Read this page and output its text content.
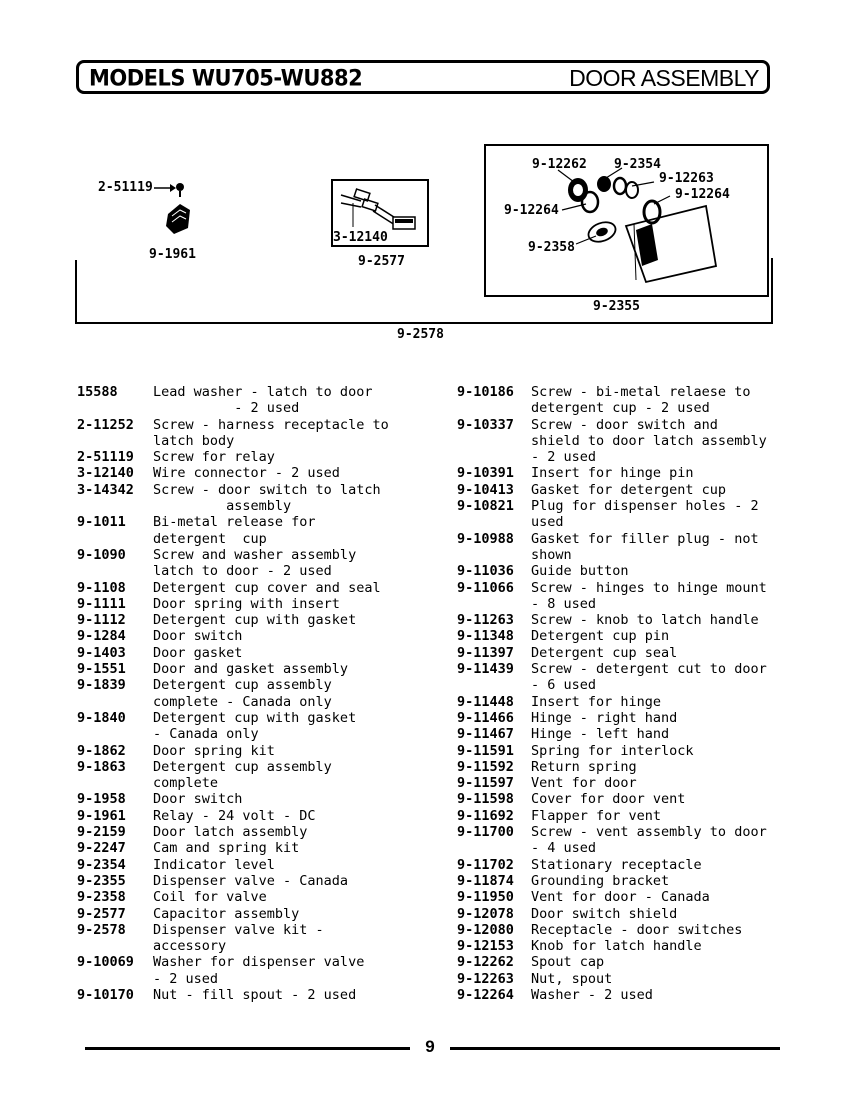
MODELS WU705-WU882	DOOR ASSEMBLY
2-51119
9-1961
3-12140
9-2577
9-12262 9-2354
9-12263
9-12264
9-12264
9-2358
9-2355
9-2578
15588	Lead washer - latch to door
- 2 used
2-11252	Screw - harness receptacle to
latch body
2-51119	Screw for relay
3-12140	Wire connector - 2 used
3-14342	Screw - door switch to latch
assembly
9-1011	Bi-metal release for
detergent  cup
9-1090	Screw and washer assembly
latch to door - 2 used
9-1108	Detergent cup cover and seal
9-1111	Door spring with insert
9-1112	Detergent cup with gasket
9-1284	Door switch
9-1403	Door gasket
9-1551	Door and gasket assembly
9-1839	Detergent cup assembly
complete - Canada only
9-1840	Detergent cup with gasket
- Canada only
9-1862	Door spring kit
9-1863	Detergent cup assembly
complete
9-1958	Door switch
9-1961	Relay - 24 volt - DC
9-2159	Door latch assembly
9-2247	Cam and spring kit
9-2354	Indicator level
9-2355	Dispenser valve - Canada
9-2358	Coil for valve
9-2577	Capacitor assembly
9-2578	Dispenser valve kit -
accessory
9-10069	Washer for dispenser valve
- 2 used
9-10170	Nut - fill spout - 2 used
9-10186	Screw - bi-metal relaese to
detergent cup - 2 used
9-10337	Screw - door switch and
shield to door latch assembly
- 2 used
9-10391	Insert for hinge pin
9-10413	Gasket for detergent cup
9-10821	Plug for dispenser holes - 2
used
9-10988	Gasket for filler plug - not
shown
9-11036	Guide button
9-11066	Screw - hinges to hinge mount
- 8 used
9-11263	Screw - knob to latch handle
9-11348	Detergent cup pin
9-11397	Detergent cup seal
9-11439	Screw - detergent cut to door
- 6 used
9-11448	Insert for hinge
9-11466	Hinge - right hand
9-11467	Hinge - left hand
9-11591	Spring for interlock
9-11592	Return spring
9-11597	Vent for door
9-11598	Cover for door vent
9-11692	Flapper for vent
9-11700	Screw - vent assembly to door
- 4 used
9-11702	Stationary receptacle
9-11874	Grounding bracket
9-11950	Vent for door - Canada
9-12078	Door switch shield
9-12080	Receptacle - door switches
9-12153	Knob for latch handle
9-12262	Spout cap
9-12263	Nut, spout
9-12264	Washer - 2 used
9
